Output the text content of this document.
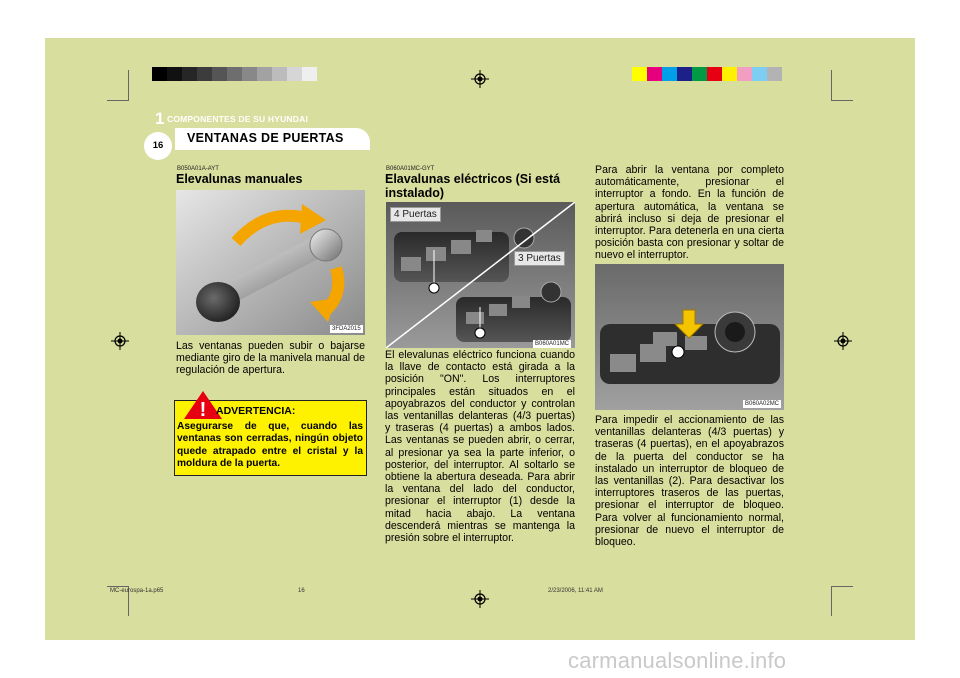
1 COMPONENTES DE SU HYUNDAI
VENTANAS DE PUERTAS
16
B050A01A-AYT
Elevalunas manuales
3FDA2015
Las ventanas pueden subir o bajarse mediante giro de la manivela manual de regulación de apertura.
! ADVERTENCIA:
Asegurarse de que, cuando las ventanas son cerradas, ningún objeto quede atrapado entre el cristal y la moldura de la puerta.
B060A01MC-GYT
Elavalunas eléctricos (Si está instalado)
4 Puertas
3 Puertas
B060A01MC
El elevalunas eléctrico funciona cuando la llave de contacto está girada a la posición "ON". Los interruptores principales están situados en el apoyabrazos del conductor y controlan las ventanillas delanteras (4/3 puertas) y traseras (4 puertas) a ambos lados. Las ventanas se pueden abrir, o cerrar, al presionar ya sea la parte inferior, o posterior, del interruptor. Al soltarlo se obtiene la abertura deseada. Para abrir la ventana del lado del conductor, presionar el interruptor (1) desde la mitad hacia abajo. La ventana descenderá mientras se mantenga la presión sobre el interruptor.
Para abrir la ventana por completo automáticamente, presionar el interruptor a fondo. En la función de apertura automática, la ventana se abrirá incluso si deja de presionar el interruptor. Para detenerla en una cierta posición basta con presionar y soltar de nuevo el interruptor.
B060A02MC
Para impedir el accionamiento de las ventanillas delanteras (4/3 puertas) y traseras (4 puertas), en el apoyabrazos de la puerta del conductor se ha instalado un interruptor de bloqueo de las ventanillas (2). Para desactivar los interruptores traseros de las puertas, presionar el interruptor de bloqueo. Para volver al funcionamiento normal, presionar de nuevo el interruptor de bloqueo.
MC-eurospa-1a.p65	16	2/23/2006, 11:41 AM
carmanualsonline.info
